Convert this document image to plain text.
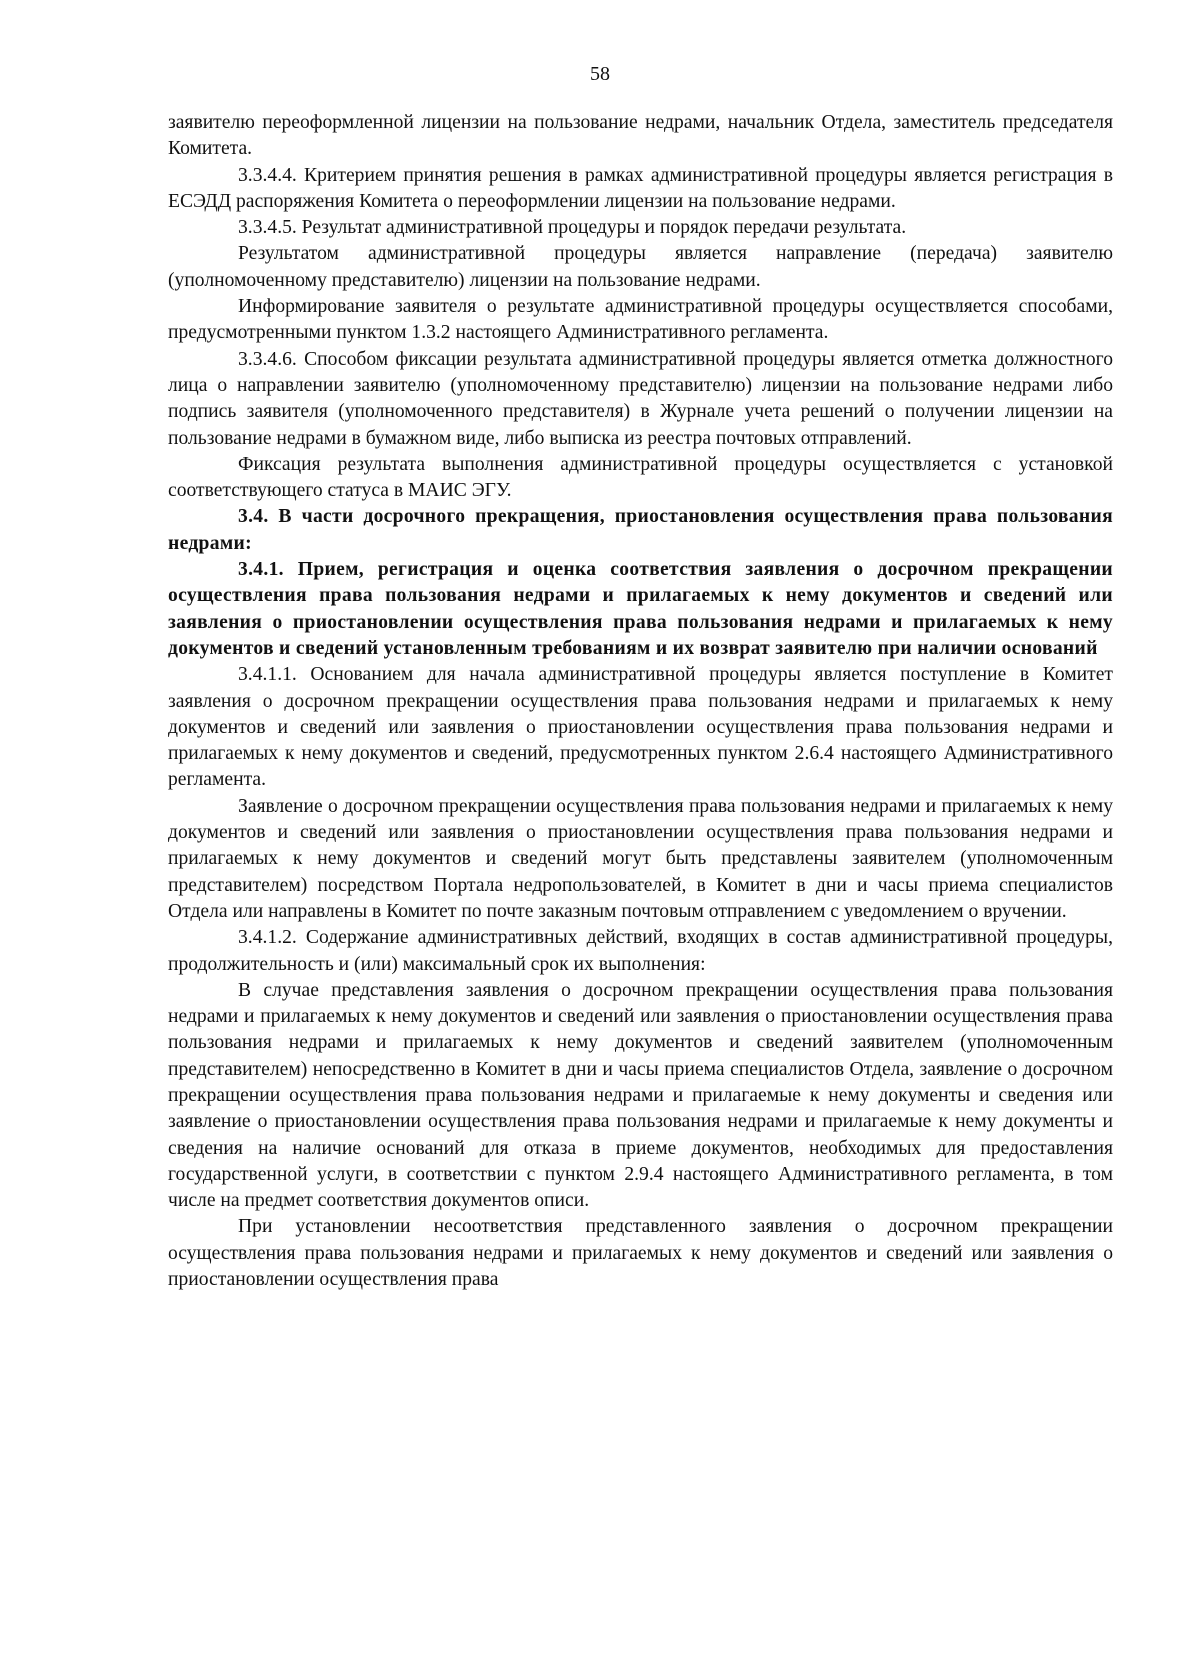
58

заявителю переоформленной лицензии на пользование недрами, начальник Отдела, заместитель председателя Комитета.

3.3.4.4. Критерием принятия решения в рамках административной процедуры является регистрация в ЕСЭДД распоряжения Комитета о переоформлении лицензии на пользование недрами.

3.3.4.5. Результат административной процедуры и порядок передачи результата.

Результатом административной процедуры является направление (передача) заявителю (уполномоченному представителю) лицензии на пользование недрами.

Информирование заявителя о результате административной процедуры осуществляется способами, предусмотренными пунктом 1.3.2 настоящего Административного регламента.

3.3.4.6. Способом фиксации результата административной процедуры является отметка должностного лица о направлении заявителю (уполномоченному представителю) лицензии на пользование недрами либо подпись заявителя (уполномоченного представителя) в Журнале учета решений о получении лицензии на пользование недрами в бумажном виде, либо выписка из реестра почтовых отправлений.

Фиксация результата выполнения административной процедуры осуществляется с установкой соответствующего статуса в МАИС ЭГУ.

3.4. В части досрочного прекращения, приостановления осуществления права пользования недрами:

3.4.1. Прием, регистрация и оценка соответствия заявления о досрочном прекращении осуществления права пользования недрами и прилагаемых к нему документов и сведений или заявления о приостановлении осуществления права пользования недрами и прилагаемых к нему документов и сведений установленным требованиям и их возврат заявителю при наличии оснований

3.4.1.1. Основанием для начала административной процедуры является поступление в Комитет заявления о досрочном прекращении осуществления права пользования недрами и прилагаемых к нему документов и сведений или заявления о приостановлении осуществления права пользования недрами и прилагаемых к нему документов и сведений, предусмотренных пунктом 2.6.4 настоящего Административного регламента.

Заявление о досрочном прекращении осуществления права пользования недрами и прилагаемых к нему документов и сведений или заявления о приостановлении осуществления права пользования недрами и прилагаемых к нему документов и сведений могут быть представлены заявителем (уполномоченным представителем) посредством Портала недропользователей, в Комитет в дни и часы приема специалистов Отдела или направлены в Комитет по почте заказным почтовым отправлением с уведомлением о вручении.

3.4.1.2. Содержание административных действий, входящих в состав административной процедуры, продолжительность и (или) максимальный срок их выполнения:

В случае представления заявления о досрочном прекращении осуществления права пользования недрами и прилагаемых к нему документов и сведений или заявления о приостановлении осуществления права пользования недрами и прилагаемых к нему документов и сведений заявителем (уполномоченным представителем) непосредственно в Комитет в дни и часы приема специалистов Отдела, заявление о досрочном прекращении осуществления права пользования недрами и прилагаемые к нему документы и сведения или заявление о приостановлении осуществления права пользования недрами и прилагаемые к нему документы и сведения на наличие оснований для отказа в приеме документов, необходимых для предоставления государственной услуги, в соответствии с пунктом 2.9.4 настоящего Административного регламента, в том числе на предмет соответствия документов описи.

При установлении несоответствия представленного заявления о досрочном прекращении осуществления права пользования недрами и прилагаемых к нему документов и сведений или заявления о приостановлении осуществления права
